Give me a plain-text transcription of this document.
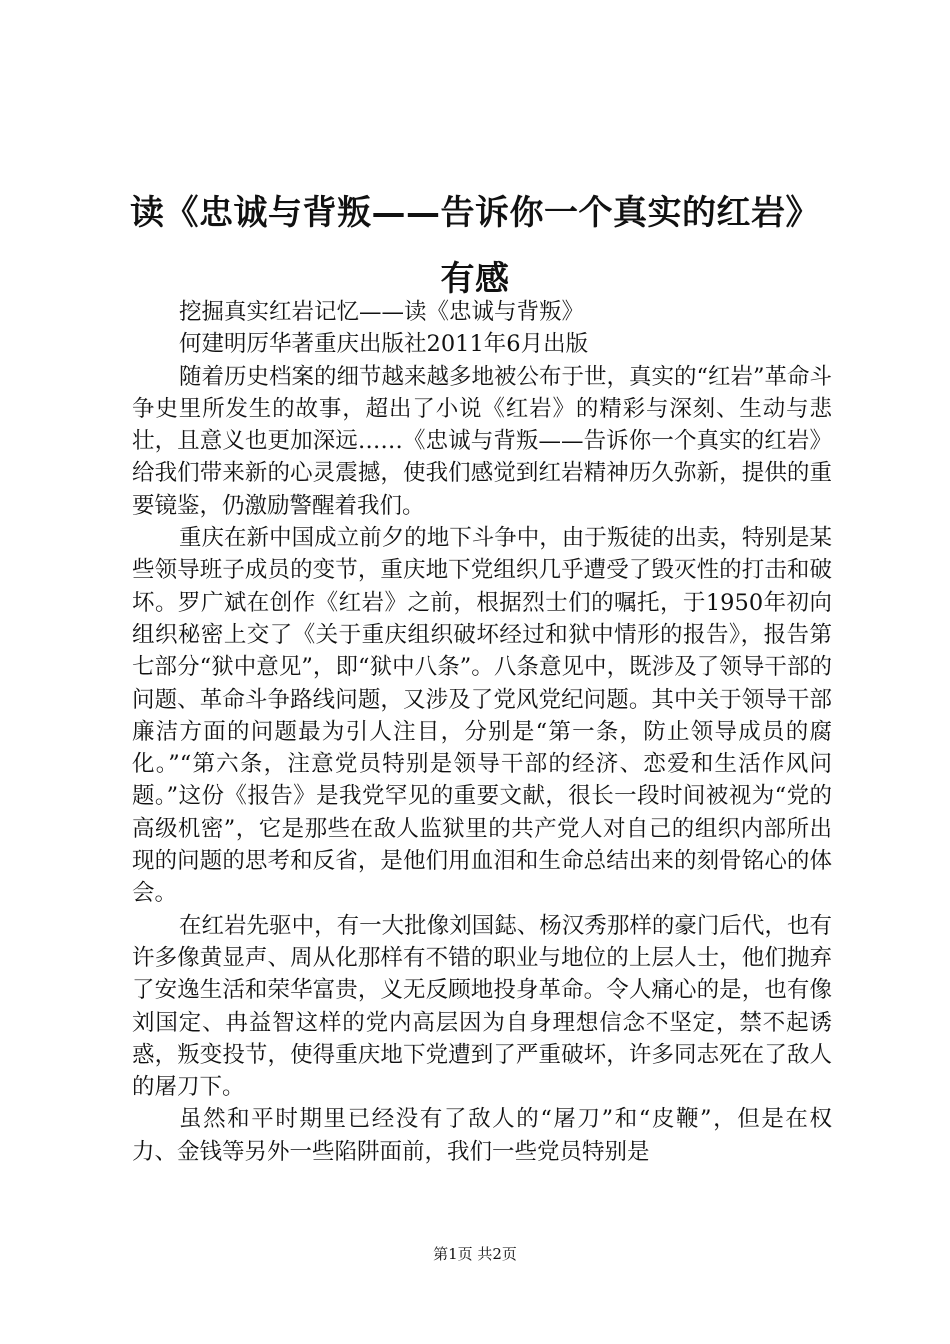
读《忠诚与背叛——告诉你一个真实的红岩》
有感

挖掘真实红岩记忆——读《忠诚与背叛》

何建明厉华著重庆出版社2011年6月出版

随着历史档案的细节越来越多地被公布于世，真实的“红岩”革命斗争史里所发生的故事，超出了小说《红岩》的精彩与深刻、生动与悲壮，且意义也更加深远……《忠诚与背叛——告诉你一个真实的红岩》给我们带来新的心灵震撼，使我们感觉到红岩精神历久弥新，提供的重要镜鉴，仍激励警醒着我们。

重庆在新中国成立前夕的地下斗争中，由于叛徒的出卖，特别是某些领导班子成员的变节，重庆地下党组织几乎遭受了毁灭性的打击和破坏。罗广斌在创作《红岩》之前，根据烈士们的嘱托，于1950年初向组织秘密上交了《关于重庆组织破坏经过和狱中情形的报告》，报告第七部分“狱中意见”，即“狱中八条”。八条意见中，既涉及了领导干部的问题、革命斗争路线问题，又涉及了党风党纪问题。其中关于领导干部廉洁方面的问题最为引人注目，分别是“第一条，防止领导成员的腐化。”“第六条，注意党员特别是领导干部的经济、恋爱和生活作风问题。”这份《报告》是我党罕见的重要文献，很长一段时间被视为“党的高级机密”，它是那些在敌人监狱里的共产党人对自己的组织内部所出现的问题的思考和反省，是他们用血泪和生命总结出来的刻骨铭心的体会。

在红岩先驱中，有一大批像刘国鋕、杨汉秀那样的豪门后代，也有许多像黄显声、周从化那样有不错的职业与地位的上层人士，他们抛弃了安逸生活和荣华富贵，义无反顾地投身革命。令人痛心的是，也有像刘国定、冉益智这样的党内高层因为自身理想信念不坚定，禁不起诱惑，叛变投节，使得重庆地下党遭到了严重破坏，许多同志死在了敌人的屠刀下。

虽然和平时期里已经没有了敌人的“屠刀”和“皮鞭”，但是在权力、金钱等另外一些陷阱面前，我们一些党员特别是

第1页 共2页
